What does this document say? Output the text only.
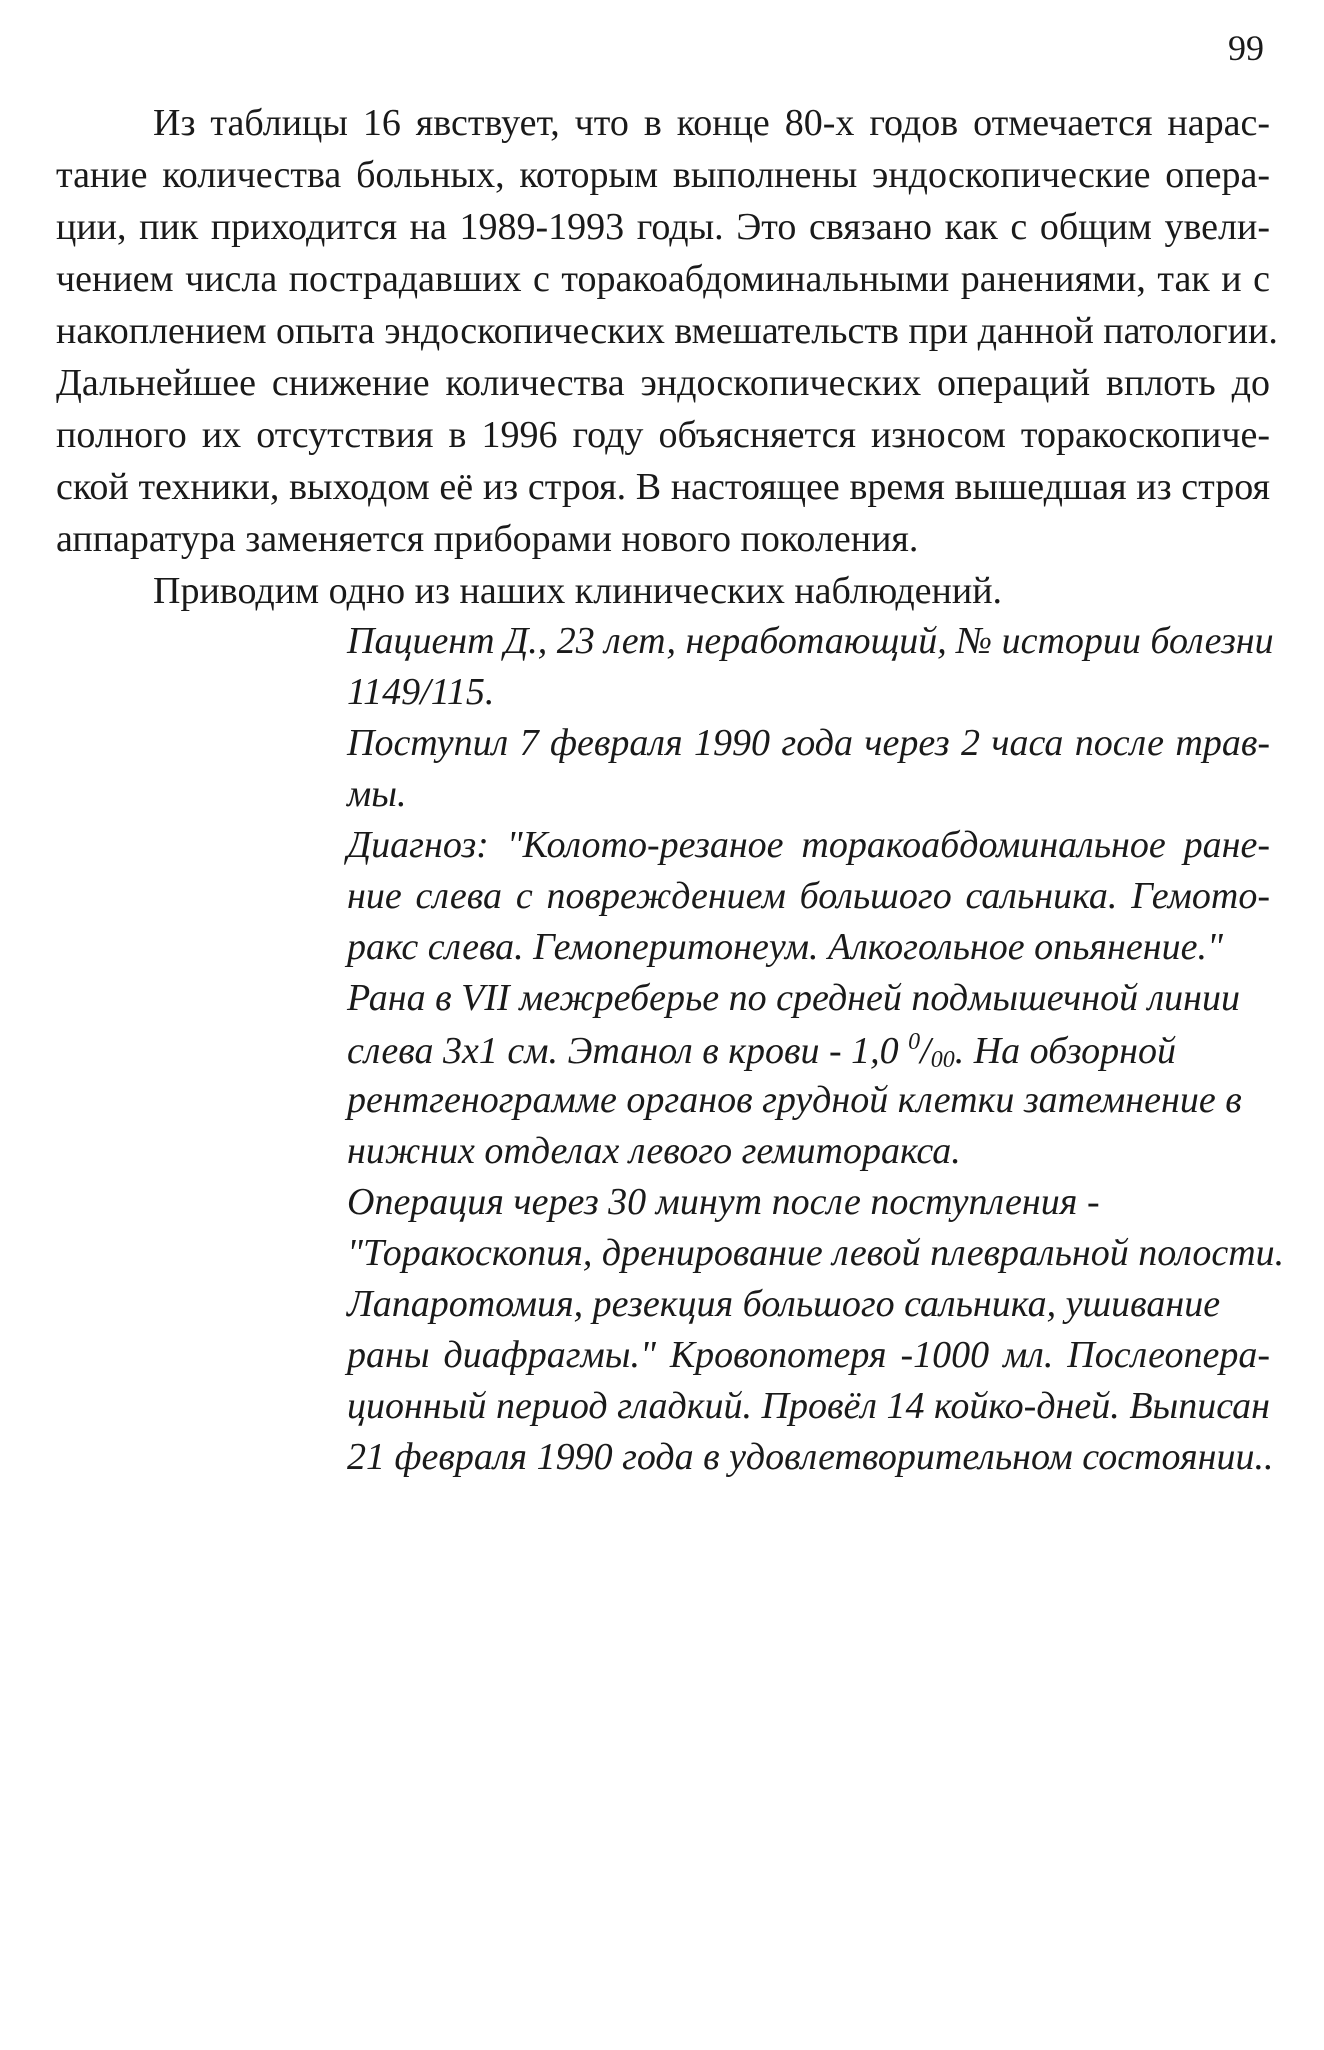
99
Из таблицы 16 явствует, что в конце 80-х годов отмечается нарас-
тание количества больных, которым выполнены эндоскопические опера-
ции, пик приходится на 1989-1993 годы. Это связано как с общим увели-
чением числа пострадавших с торакоабдоминальными ранениями, так и с
накоплением опыта эндоскопических вмешательств при данной патологии.
Дальнейшее снижение количества эндоскопических операций вплоть до
полного их отсутствия в 1996 году объясняется износом торакоскопиче-
ской техники, выходом её из строя. В настоящее время вышедшая из строя
аппаратура заменяется приборами нового поколения.
Приводим одно из наших клинических наблюдений.
Пациент Д., 23 лет, неработающий, № истории болезни
1149/115.
Поступил 7 февраля 1990 года через 2 часа после трав-
мы.
Диагноз: "Колото-резаное торакоабдоминальное ране-
ние слева с повреждением большого сальника. Гемото-
ракс слева. Гемоперитонеум. Алкогольное опьянение."
Рана в VII межреберье по средней подмышечной линии
слева 3x1 см. Этанол в крови - 1,0 $^0/_{00}$. На обзорной
рентгенограмме органов грудной клетки затемнение в
нижних отделах левого гемиторакса.
Операция через 30 минут после поступления -
"Торакоскопия, дренирование левой плевральной полости.
Лапаротомия, резекция большого сальника, ушивание
раны диафрагмы." Кровопотеря -1000 мл. Послеопера-
ционный период гладкий. Провёл 14 койко-дней. Выписан
21 февраля 1990 года в удовлетворительном состоянии..
